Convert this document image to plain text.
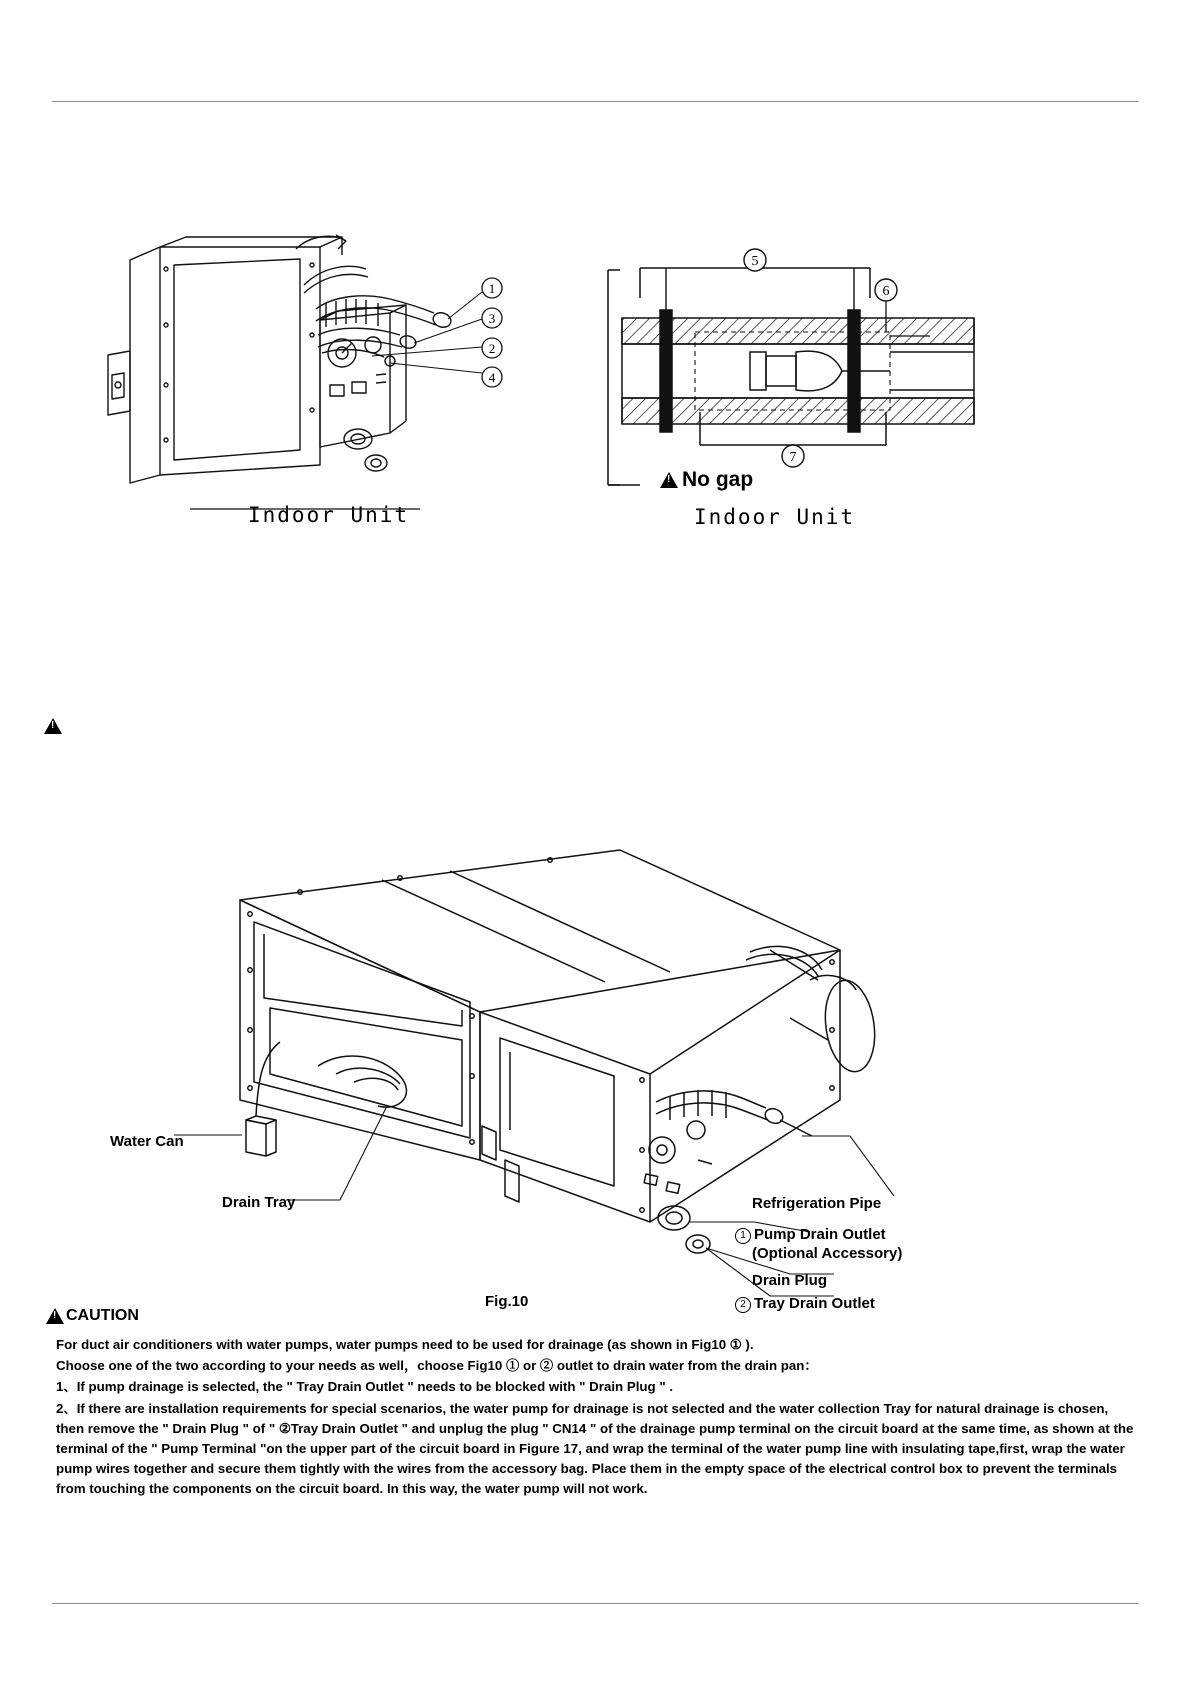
1
3
2
4
Indoor Unit
5
6
7
!
No gap
Indoor Unit
!
Water Can
Drain Tray	Refrigeration Pipe
1 Pump Drain Outlet
(Optional Accessory)
Drain Plug
2 Tray Drain Outlet
Fig.10
!
CAUTION

For duct air conditioners with water pumps, water pumps need to be used for drainage (as shown in Fig10 ① ).

Choose one of the two according to your needs as well，choose Fig10 ① or ② outlet to drain water from the drain pan：

1、If pump drainage is selected, the " Tray Drain Outlet " needs to be blocked with " Drain Plug " .

2、If there are installation requirements for special scenarios, the water pump for drainage is not selected and the water collection Tray for natural drainage is chosen, then remove the " Drain Plug " of " ②Tray Drain Outlet " and unplug the plug " CN14 " of the drainage pump terminal on the circuit board at the same time, as shown at the terminal of the " Pump Terminal "on the upper part of the circuit board in Figure 17, and wrap the terminal of the water pump line with insulating tape,first, wrap the water pump wires together and secure them tightly with the wires from the accessory bag. Place them in the empty space of the electrical control box to prevent the terminals from touching the components on the circuit board. In this way, the water pump will not work.
